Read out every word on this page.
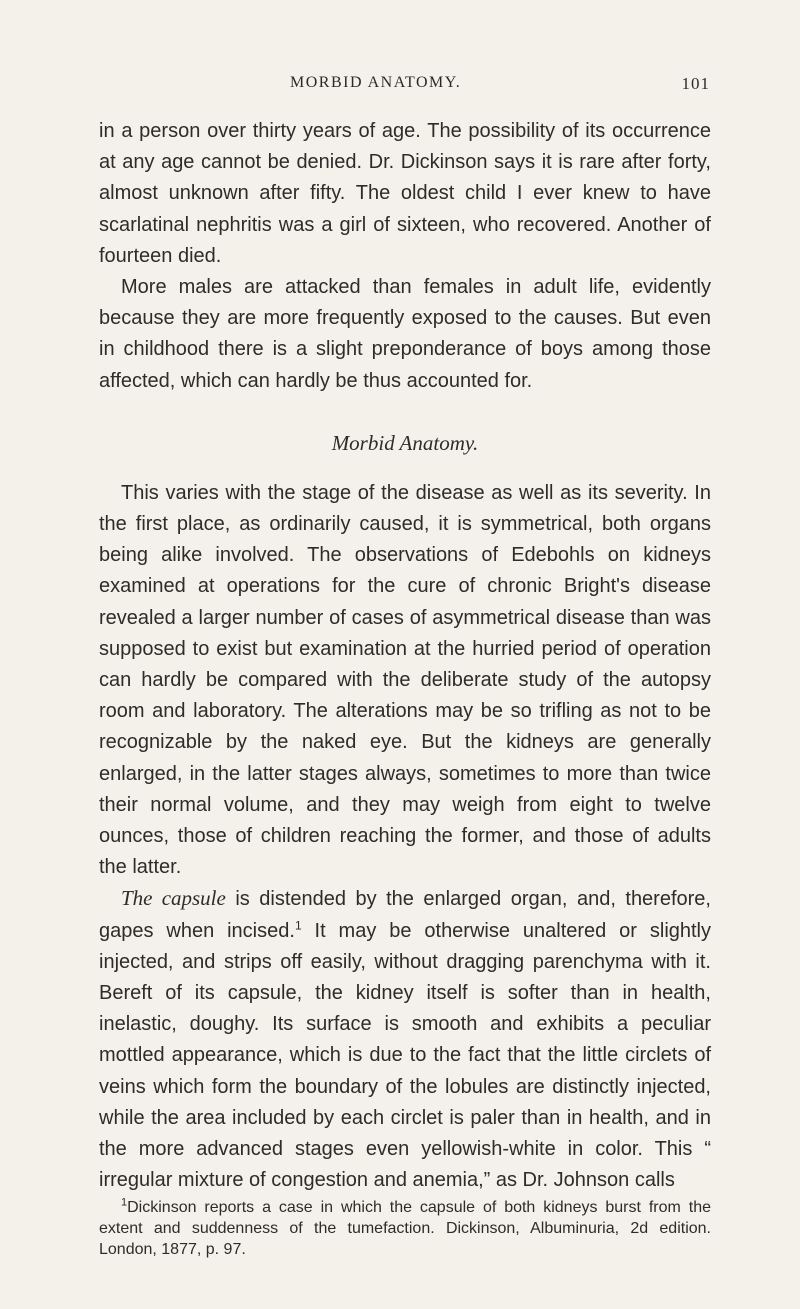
MORBID ANATOMY.	101

in a person over thirty years of age. The possibility of its occurrence at any age cannot be denied. Dr. Dickinson says it is rare after forty, almost unknown after fifty. The oldest child I ever knew to have scarlatinal nephritis was a girl of sixteen, who recovered. Another of fourteen died.

More males are attacked than females in adult life, evidently because they are more frequently exposed to the causes. But even in childhood there is a slight preponderance of boys among those affected, which can hardly be thus accounted for.

Morbid Anatomy.

This varies with the stage of the disease as well as its severity. In the first place, as ordinarily caused, it is symmetrical, both organs being alike involved. The observations of Edebohls on kidneys examined at operations for the cure of chronic Bright's disease revealed a larger number of cases of asymmetrical disease than was supposed to exist but examination at the hurried period of operation can hardly be compared with the deliberate study of the autopsy room and laboratory. The alterations may be so trifling as not to be recognizable by the naked eye. But the kidneys are generally enlarged, in the latter stages always, sometimes to more than twice their normal volume, and they may weigh from eight to twelve ounces, those of children reaching the former, and those of adults the latter.

The capsule is distended by the enlarged organ, and, therefore, gapes when incised.$^1$ It may be otherwise unaltered or slightly injected, and strips off easily, without dragging parenchyma with it. Bereft of its capsule, the kidney itself is softer than in health, inelastic, doughy. Its surface is smooth and exhibits a peculiar mottled appearance, which is due to the fact that the little circlets of veins which form the boundary of the lobules are distinctly injected, while the area included by each circlet is paler than in health, and in the more advanced stages even yellowish-white in color. This “ irregular mixture of congestion and anemia,” as Dr. Johnson calls

$^1$Dickinson reports a case in which the capsule of both kidneys burst from the extent and suddenness of the tumefaction. Dickinson, Albuminuria, 2d edition. London, 1877, p. 97.
